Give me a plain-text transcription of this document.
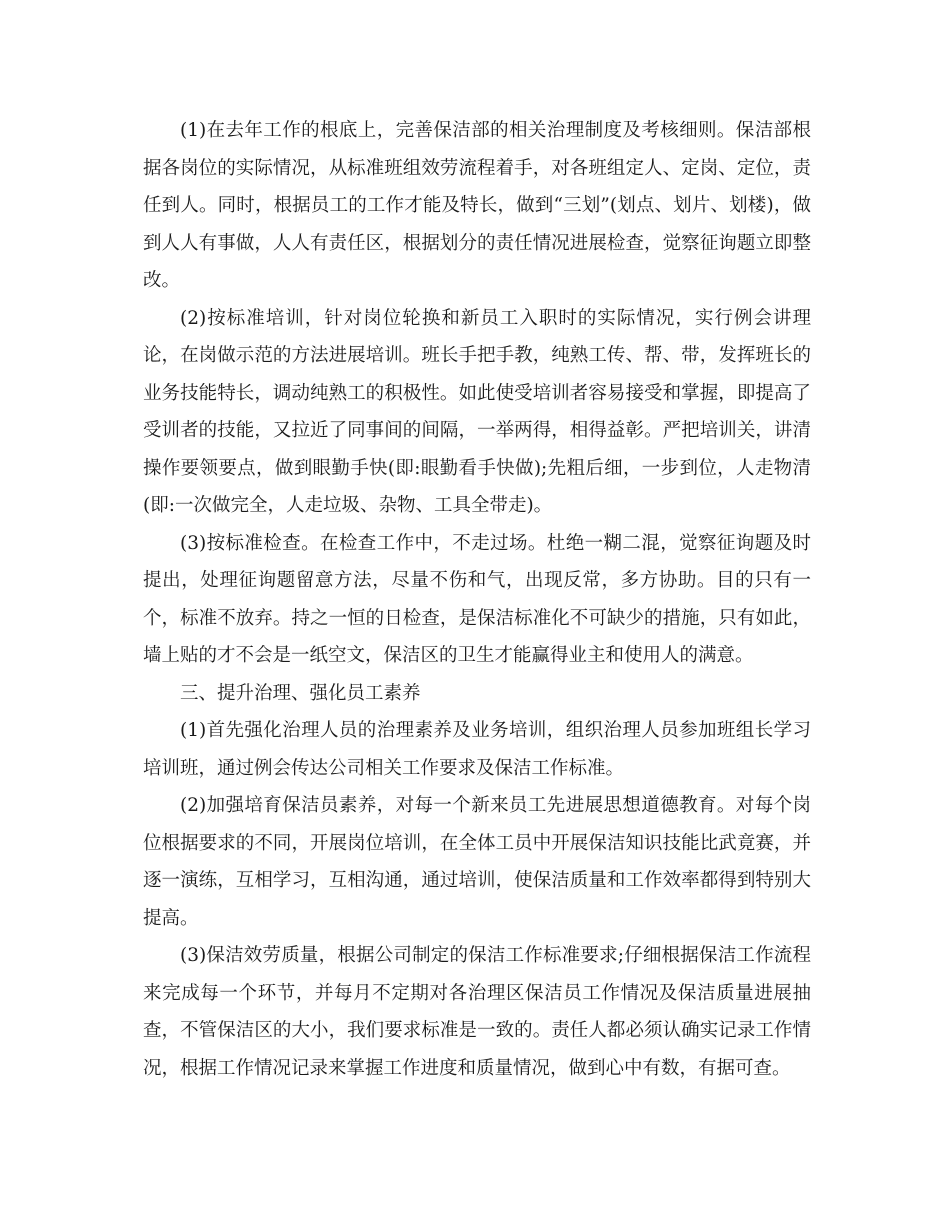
(1)在去年工作的根底上，完善保洁部的相关治理制度及考核细则。保洁部根据各岗位的实际情况，从标准班组效劳流程着手，对各班组定人、定岗、定位，责任到人。同时，根据员工的工作才能及特长，做到“三划”(划点、划片、划楼)，做到人人有事做，人人有责任区，根据划分的责任情况进展检查，觉察征询题立即整改。

(2)按标准培训，针对岗位轮换和新员工入职时的实际情况，实行例会讲理论，在岗做示范的方法进展培训。班长手把手教，纯熟工传、帮、带，发挥班长的业务技能特长，调动纯熟工的积极性。如此使受培训者容易接受和掌握，即提高了受训者的技能，又拉近了同事间的间隔，一举两得，相得益彰。严把培训关，讲清操作要领要点，做到眼勤手快(即:眼勤看手快做);先粗后细，一步到位，人走物清(即:一次做完全，人走垃圾、杂物、工具全带走)。

(3)按标准检查。在检查工作中，不走过场。杜绝一糊二混，觉察征询题及时提出，处理征询题留意方法，尽量不伤和气，出现反常，多方协助。目的只有一个，标准不放弃。持之一恒的日检查，是保洁标准化不可缺少的措施，只有如此，墙上贴的才不会是一纸空文，保洁区的卫生才能赢得业主和使用人的满意。

三、提升治理、强化员工素养

(1)首先强化治理人员的治理素养及业务培训，组织治理人员参加班组长学习培训班，通过例会传达公司相关工作要求及保洁工作标准。

(2)加强培育保洁员素养，对每一个新来员工先进展思想道德教育。对每个岗位根据要求的不同，开展岗位培训，在全体工员中开展保洁知识技能比武竟赛，并逐一演练，互相学习，互相沟通，通过培训，使保洁质量和工作效率都得到特别大提高。

(3)保洁效劳质量，根据公司制定的保洁工作标准要求;仔细根据保洁工作流程来完成每一个环节，并每月不定期对各治理区保洁员工作情况及保洁质量进展抽查，不管保洁区的大小，我们要求标准是一致的。责任人都必须认确实记录工作情况，根据工作情况记录来掌握工作进度和质量情况，做到心中有数，有据可查。
